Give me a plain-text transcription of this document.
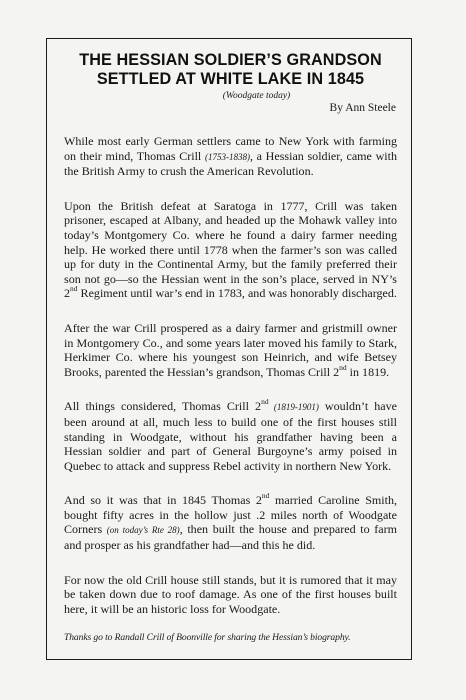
THE HESSIAN SOLDIER’S GRANDSON
SETTLED AT WHITE LAKE IN 1845
(Woodgate today)
By Ann Steele

While most early German settlers came to New York with farming on their mind, Thomas Crill (1753-1838), a Hessian soldier, came with the British Army to crush the American Revolution.

Upon the British defeat at Saratoga in 1777, Crill was taken prisoner, escaped at Albany, and headed up the Mohawk valley into today’s Montgomery Co. where he found a dairy farmer needing help. He worked there until 1778 when the farmer’s son was called up for duty in the Continental Army, but the family preferred their son not go—so the Hessian went in the son’s place, served in NY’s 2nd Regiment until war’s end in 1783, and was honorably discharged.

After the war Crill prospered as a dairy farmer and gristmill owner in Montgomery Co., and some years later moved his family to Stark, Herkimer Co. where his youngest son Heinrich, and wife Betsey Brooks, parented the Hessian’s grandson, Thomas Crill 2nd in 1819.

All things considered, Thomas Crill 2nd (1819-1901) wouldn’t have been around at all, much less to build one of the first houses still standing in Woodgate, without his grandfather having been a Hessian soldier and part of General Burgoyne’s army poised in Quebec to attack and suppress Rebel activity in northern New York.

And so it was that in 1845 Thomas 2nd married Caroline Smith, bought fifty acres in the hollow just .2 miles north of Woodgate Corners (on today’s Rte 28), then built the house and prepared to farm and prosper as his grandfather had—and this he did.

For now the old Crill house still stands, but it is rumored that it may be taken down due to roof damage. As one of the first houses built here, it will be an historic loss for Woodgate.

Thanks go to Randall Crill of Boonville for sharing the Hessian’s biography.
